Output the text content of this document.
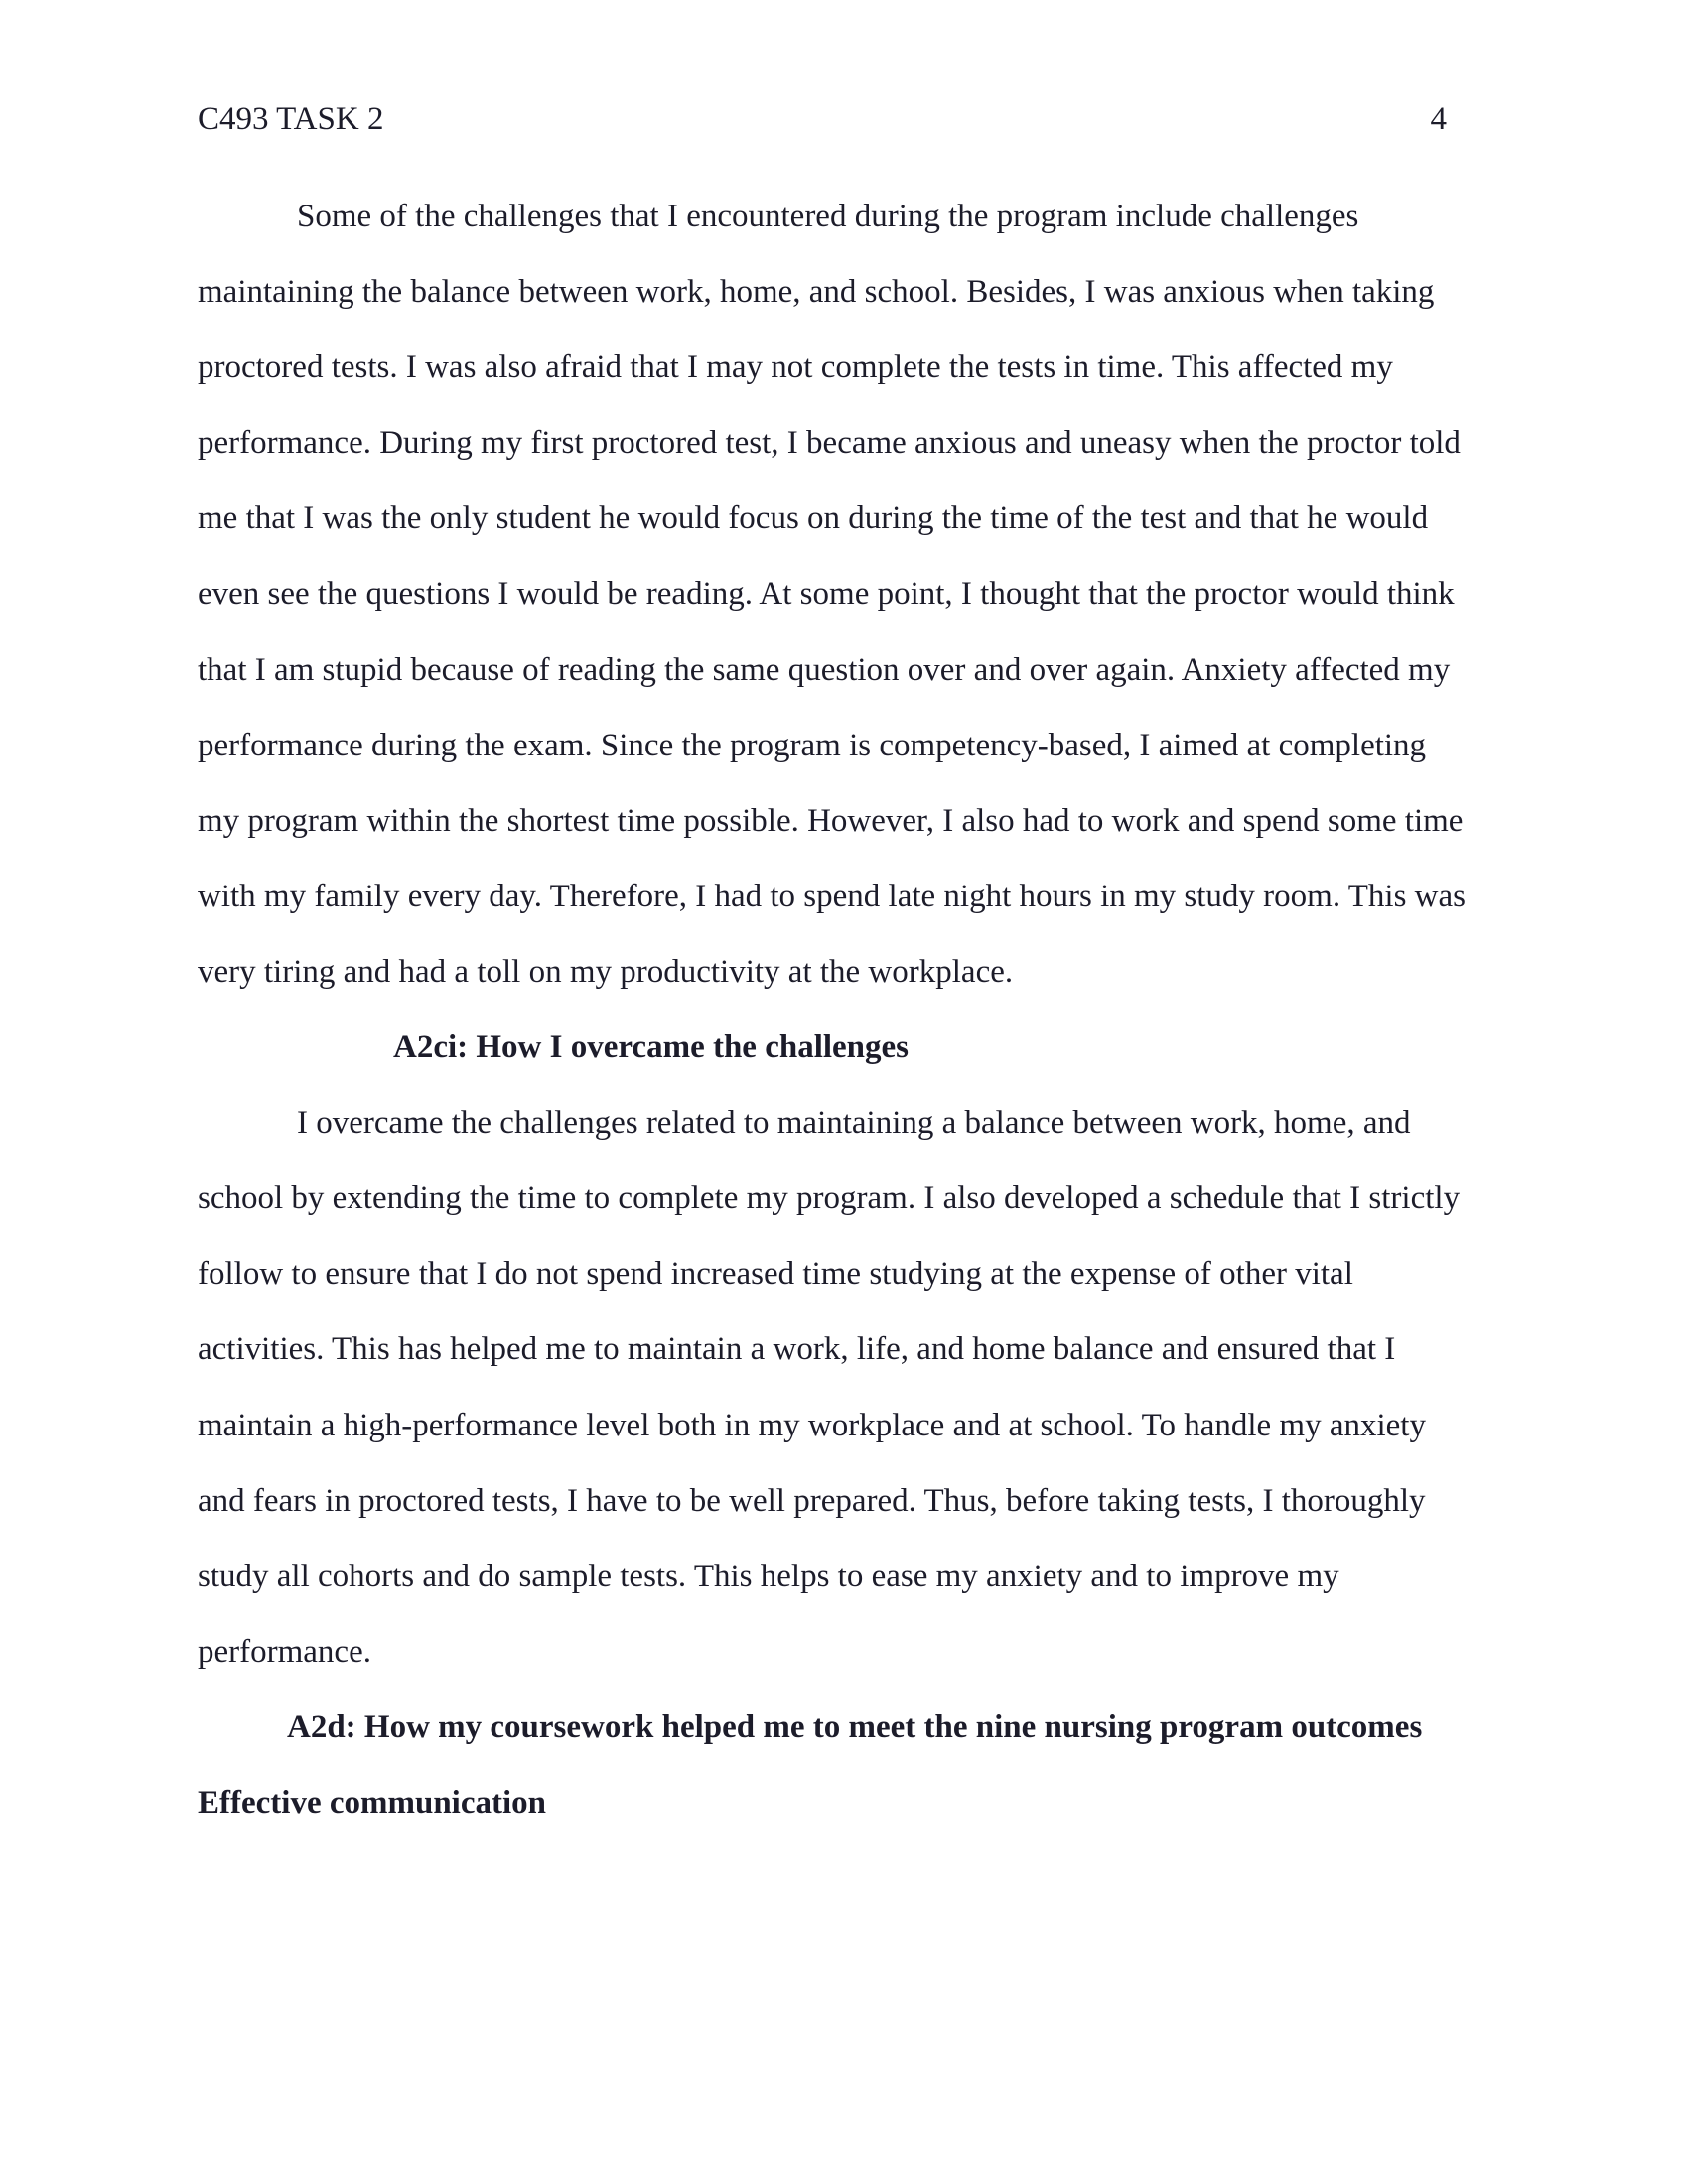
C493 TASK 2	4
Some of the challenges that I encountered during the program include challenges
maintaining the balance between work, home, and school. Besides, I was anxious when taking
proctored tests. I was also afraid that I may not complete the tests in time. This affected my
performance. During my first proctored test, I became anxious and uneasy when the proctor told
me that I was the only student he would focus on during the time of the test and that he would
even see the questions I would be reading. At some point, I thought that the proctor would think
that I am stupid because of reading the same question over and over again. Anxiety affected my
performance during the exam. Since the program is competency-based, I aimed at completing
my program within the shortest time possible. However, I also had to work and spend some time
with my family every day. Therefore, I had to spend late night hours in my study room. This was
very tiring and had a toll on my productivity at the workplace.
A2ci: How I overcame the challenges
I overcame the challenges related to maintaining a balance between work, home, and
school by extending the time to complete my program. I also developed a schedule that I strictly
follow to ensure that I do not spend increased time studying at the expense of other vital
activities. This has helped me to maintain a work, life, and home balance and ensured that I
maintain a high-performance level both in my workplace and at school. To handle my anxiety
and fears in proctored tests, I have to be well prepared. Thus, before taking tests, I thoroughly
study all cohorts and do sample tests. This helps to ease my anxiety and to improve my
performance.
A2d: How my coursework helped me to meet the nine nursing program outcomes
Effective communication
